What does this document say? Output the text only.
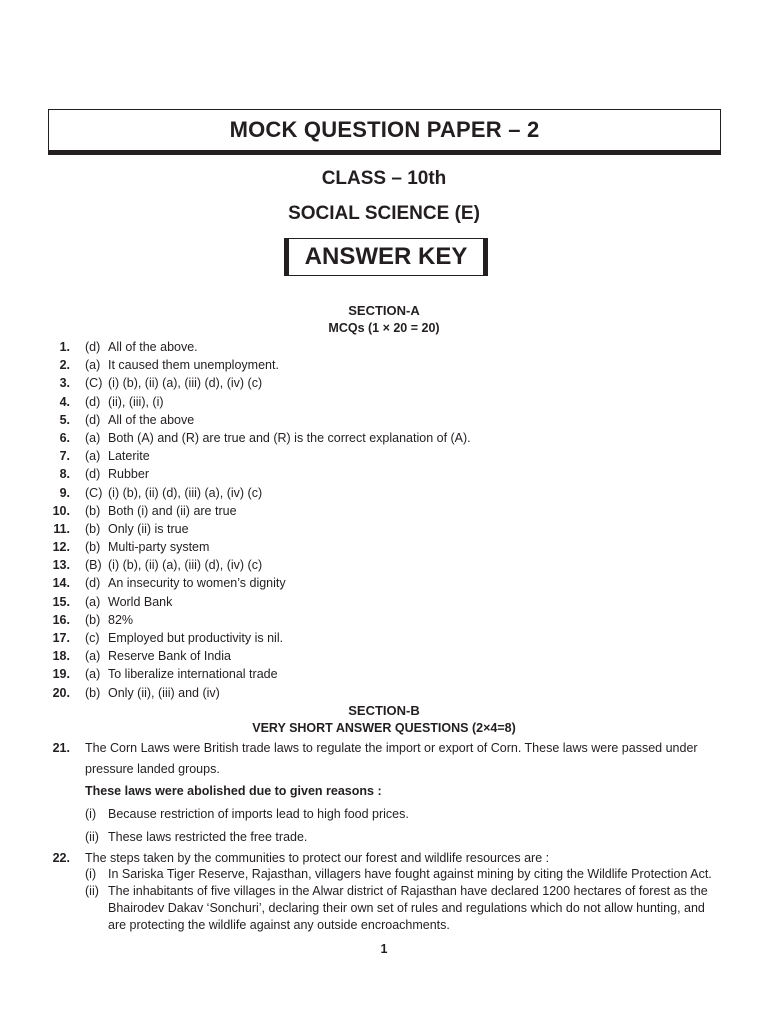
MOCK QUESTION PAPER – 2
CLASS – 10th
SOCIAL SCIENCE (E)
ANSWER KEY
SECTION-A
MCQs (1 × 20 = 20)
1. (d) All of the above.
2. (a) It caused them unemployment.
3. (C) (i) (b), (ii) (a), (iii) (d), (iv) (c)
4. (d) (ii), (iii), (i)
5. (d) All of the above
6. (a) Both (A) and (R) are true and (R) is the correct explanation of (A).
7. (a) Laterite
8. (d) Rubber
9. (C) (i) (b), (ii) (d), (iii) (a), (iv) (c)
10. (b) Both (i) and (ii) are true
11. (b) Only (ii) is true
12. (b) Multi-party system
13. (B) (i) (b), (ii) (a), (iii) (d), (iv) (c)
14. (d) An insecurity to women’s dignity
15. (a) World Bank
16. (b) 82%
17. (c) Employed but productivity is nil.
18. (a) Reserve Bank of India
19. (a) To liberalize international trade
20. (b) Only (ii), (iii) and (iv)
SECTION-B
VERY SHORT ANSWER QUESTIONS (2×4=8)
21. The Corn Laws were British trade laws to regulate the import or export of Corn. These laws were passed under pressure landed groups.
These laws were abolished due to given reasons :
(i) Because restriction of imports lead to high food prices.
(ii) These laws restricted the free trade.
22. The steps taken by the communities to protect our forest and wildlife resources are :
(i) In Sariska Tiger Reserve, Rajasthan, villagers have fought against mining by citing the Wildlife Protection Act.
(ii) The inhabitants of five villages in the Alwar district of Rajasthan have declared 1200 hectares of forest as the Bhairodev Dakav ‘Sonchuri’, declaring their own set of rules and regulations which do not allow hunting, and are protecting the wildlife against any outside encroachments.
1
